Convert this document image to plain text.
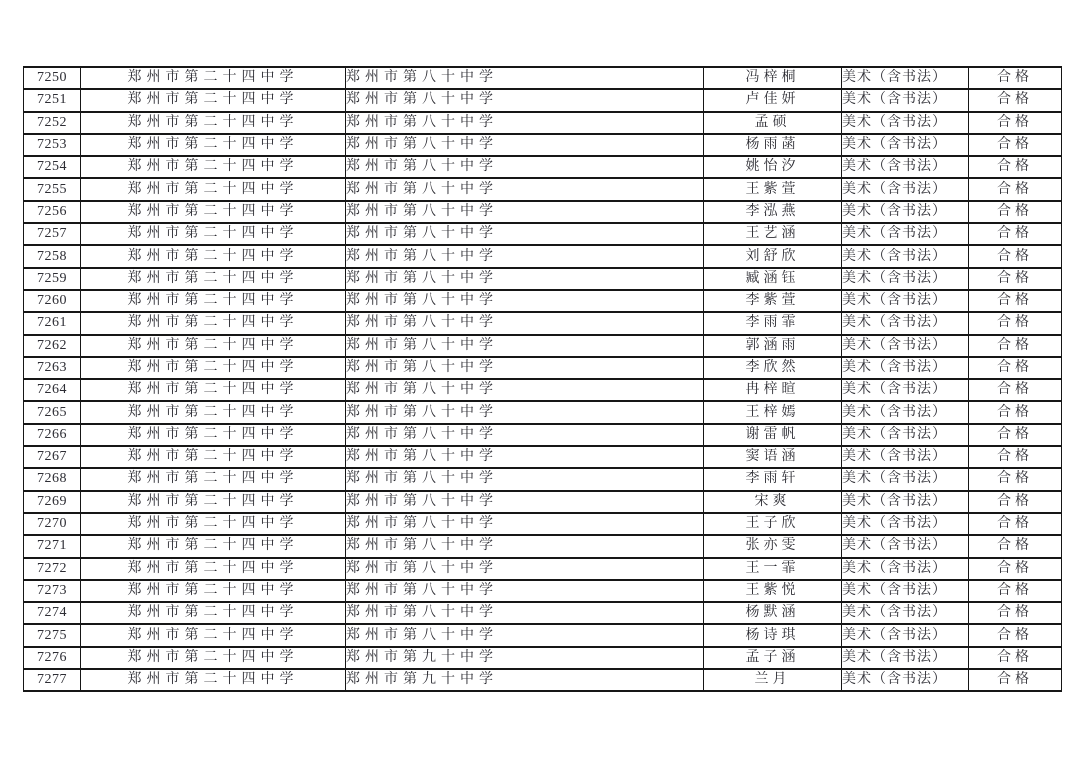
7250	郑州市第二十四中学	郑州市第八十中学	冯梓桐	美术（含书法）	合格
7251	郑州市第二十四中学	郑州市第八十中学	卢佳妍	美术（含书法）	合格
7252	郑州市第二十四中学	郑州市第八十中学	孟硕	美术（含书法）	合格
7253	郑州市第二十四中学	郑州市第八十中学	杨雨菡	美术（含书法）	合格
7254	郑州市第二十四中学	郑州市第八十中学	姚怡汐	美术（含书法）	合格
7255	郑州市第二十四中学	郑州市第八十中学	王紫萱	美术（含书法）	合格
7256	郑州市第二十四中学	郑州市第八十中学	李泓燕	美术（含书法）	合格
7257	郑州市第二十四中学	郑州市第八十中学	王艺涵	美术（含书法）	合格
7258	郑州市第二十四中学	郑州市第八十中学	刘舒欣	美术（含书法）	合格
7259	郑州市第二十四中学	郑州市第八十中学	臧涵钰	美术（含书法）	合格
7260	郑州市第二十四中学	郑州市第八十中学	李紫萱	美术（含书法）	合格
7261	郑州市第二十四中学	郑州市第八十中学	李雨霏	美术（含书法）	合格
7262	郑州市第二十四中学	郑州市第八十中学	郭涵雨	美术（含书法）	合格
7263	郑州市第二十四中学	郑州市第八十中学	李欣然	美术（含书法）	合格
7264	郑州市第二十四中学	郑州市第八十中学	冉梓暄	美术（含书法）	合格
7265	郑州市第二十四中学	郑州市第八十中学	王梓嫣	美术（含书法）	合格
7266	郑州市第二十四中学	郑州市第八十中学	谢雷帆	美术（含书法）	合格
7267	郑州市第二十四中学	郑州市第八十中学	窦语涵	美术（含书法）	合格
7268	郑州市第二十四中学	郑州市第八十中学	李雨轩	美术（含书法）	合格
7269	郑州市第二十四中学	郑州市第八十中学	宋爽	美术（含书法）	合格
7270	郑州市第二十四中学	郑州市第八十中学	王子欣	美术（含书法）	合格
7271	郑州市第二十四中学	郑州市第八十中学	张亦雯	美术（含书法）	合格
7272	郑州市第二十四中学	郑州市第八十中学	王一霏	美术（含书法）	合格
7273	郑州市第二十四中学	郑州市第八十中学	王紫悦	美术（含书法）	合格
7274	郑州市第二十四中学	郑州市第八十中学	杨默涵	美术（含书法）	合格
7275	郑州市第二十四中学	郑州市第八十中学	杨诗琪	美术（含书法）	合格
7276	郑州市第二十四中学	郑州市第九十中学	孟子涵	美术（含书法）	合格
7277	郑州市第二十四中学	郑州市第九十中学	兰月	美术（含书法）	合格
